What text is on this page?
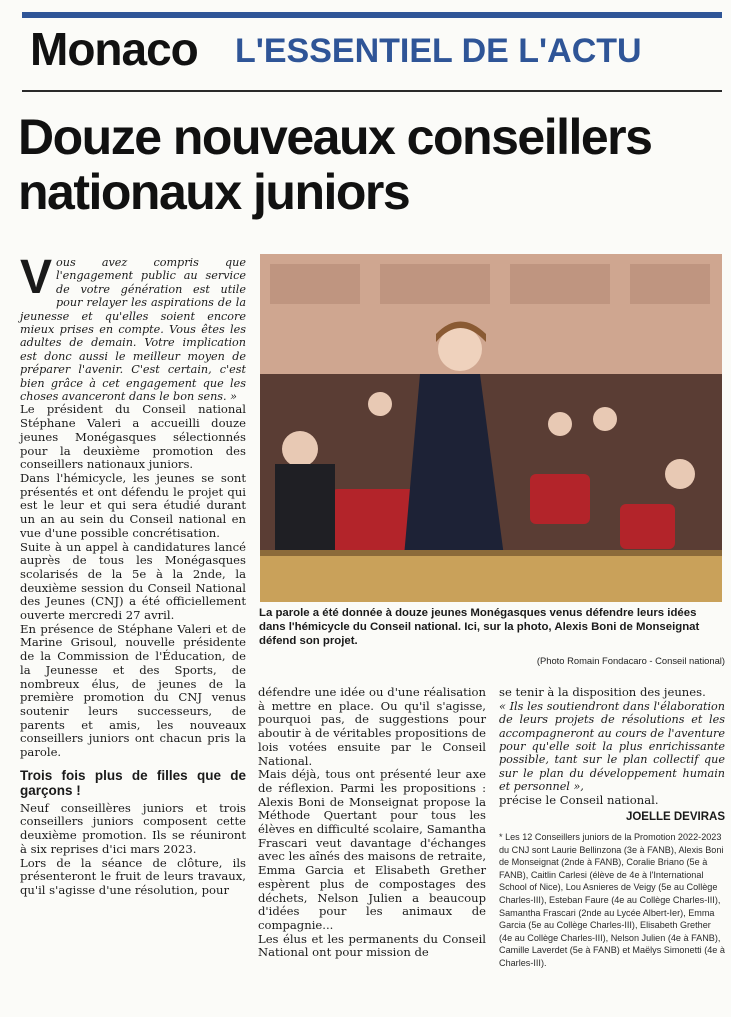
Monaco L'ESSENTIEL DE L'ACTU
Douze nouveaux conseillers
nationaux juniors

Vous avez compris que l'engagement public au service de votre génération est utile pour relayer les aspirations de la jeunesse et qu'elles soient encore mieux prises en compte. Vous êtes les adultes de demain. Votre implication est donc aussi le meilleur moyen de préparer l'avenir. C'est certain, c'est bien grâce à cet engagement que les choses avanceront dans le bon sens. »

Le président du Conseil national Stéphane Valeri a accueilli douze jeunes Monégasques sélectionnés pour la deuxième promotion des conseillers nationaux juniors.

Dans l'hémicycle, les jeunes se sont présentés et ont défendu le projet qui est le leur et qui sera étudié durant un an au sein du Conseil national en vue d'une possible concrétisation.

Suite à un appel à candidatures lancé auprès de tous les Monégasques scolarisés de la 5e à la 2nde, la deuxième session du Conseil National des Jeunes (CNJ) a été officiellement ouverte mercredi 27 avril.

En présence de Stéphane Valeri et de Marine Grisoul, nouvelle présidente de la Commission de l'Éducation, de la Jeunesse et des Sports, de nombreux élus, de jeunes de la première promotion du CNJ venus soutenir leurs successeurs, de parents et amis, les nouveaux conseillers juniors ont chacun pris la parole.

Trois fois plus de filles que de garçons !

Neuf conseillères juniors et trois conseillers juniors composent cette deuxième promotion. Ils se réuniront à six reprises d'ici mars 2023.

Lors de la séance de clôture, ils présenteront le fruit de leurs travaux, qu'il s'agisse d'une résolution, pour

La parole a été donnée à douze jeunes Monégasques venus défendre leurs idées dans l'hémicycle du Conseil national. Ici, sur la photo, Alexis Boni de Monseignat défend son projet.
(Photo Romain Fondacaro - Conseil national)

défendre une idée ou d'une réalisation à mettre en place. Ou qu'il s'agisse, pourquoi pas, de suggestions pour aboutir à de véritables propositions de lois votées ensuite par le Conseil National.

Mais déjà, tous ont présenté leur axe de réflexion. Parmi les propositions : Alexis Boni de Monseignat propose la Méthode Quertant pour tous les élèves en difficulté scolaire, Samantha Frascari veut davantage d'échanges avec les aînés des maisons de retraite, Emma Garcia et Elisabeth Grether espèrent plus de compostages des déchets, Nelson Julien a beaucoup d'idées pour les animaux de compagnie...

Les élus et les permanents du Conseil National ont pour mission de

se tenir à la disposition des jeunes.

« Ils les soutiendront dans l'élaboration de leurs projets de résolutions et les accompagneront au cours de l'aventure pour qu'elle soit la plus enrichissante possible, tant sur le plan collectif que sur le plan du développement humain et personnel »,

précise le Conseil national.

JOELLE DEVIRAS

* Les 12 Conseillers juniors de la Promotion 2022-2023 du CNJ sont Laurie Bellinzona (3e à FANB), Alexis Boni de Monseignat (2nde à FANB), Coralie Briano (5e à FANB), Caitlin Carlesi (élève de 4e à l'International School of Nice), Lou Asnieres de Veigy (5e au Collège Charles-III), Esteban Faure (4e au Collège Charles-III), Samantha Frascari (2nde au Lycée Albert-Ier), Emma Garcia (5e au Collège Charles-III), Elisabeth Grether (4e au Collège Charles-III), Nelson Julien (4e à FANB), Camille Laverdet (5e à FANB) et Maëlys Simonetti (4e à Charles-III).
